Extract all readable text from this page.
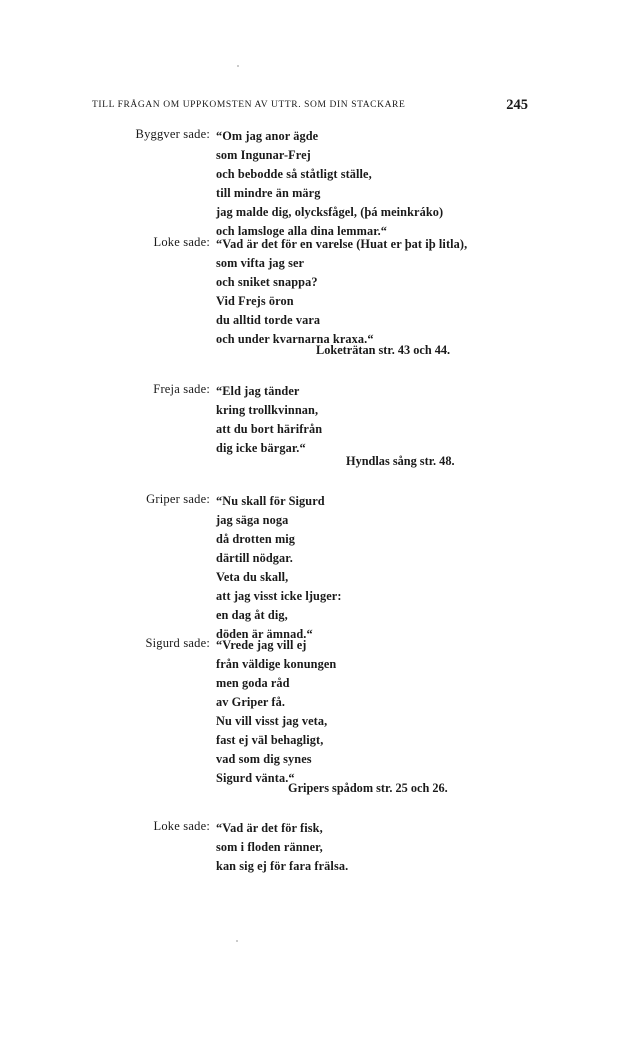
TILL FRÅGAN OM UPPKOMSTEN AV UTTR. SOM DIN STACKARE	245
Byggver sade: “Om jag anor ägde
som Ingunar-Frej
och bebodde så ståtligt ställe,
till mindre än märg
jag malde dig, olycksfågel, (þá meinkráko)
och lamsloge alla dina lemmar.“
Loke sade: “Vad är det för en varelse (Huat er þat iþ litla),
som vifta jag ser
och sniket snappa?
Vid Frejs öron
du alltid torde vara
och under kvarnarna kraxa.“
Loketrätan str. 43 och 44.
Freja sade: “Eld jag tänder
kring trollkvinnan,
att du bort härifrån
dig icke bärgar.“
Hyndlas sång str. 48.
Griper sade: “Nu skall för Sigurd
jag säga noga
då drotten mig
därtill nödgar.
Veta du skall,
att jag visst icke ljuger:
en dag åt dig,
döden är ämnad.“
Sigurd sade: “Vrede jag vill ej
från väldige konungen
men goda råd
av Griper få.
Nu vill visst jag veta,
fast ej väl behagligt,
vad som dig synes
Sigurd vänta.“
Gripers spådom str. 25 och 26.
Loke sade: “Vad är det för fisk,
som i floden ränner,
kan sig ej för fara frälsa.
